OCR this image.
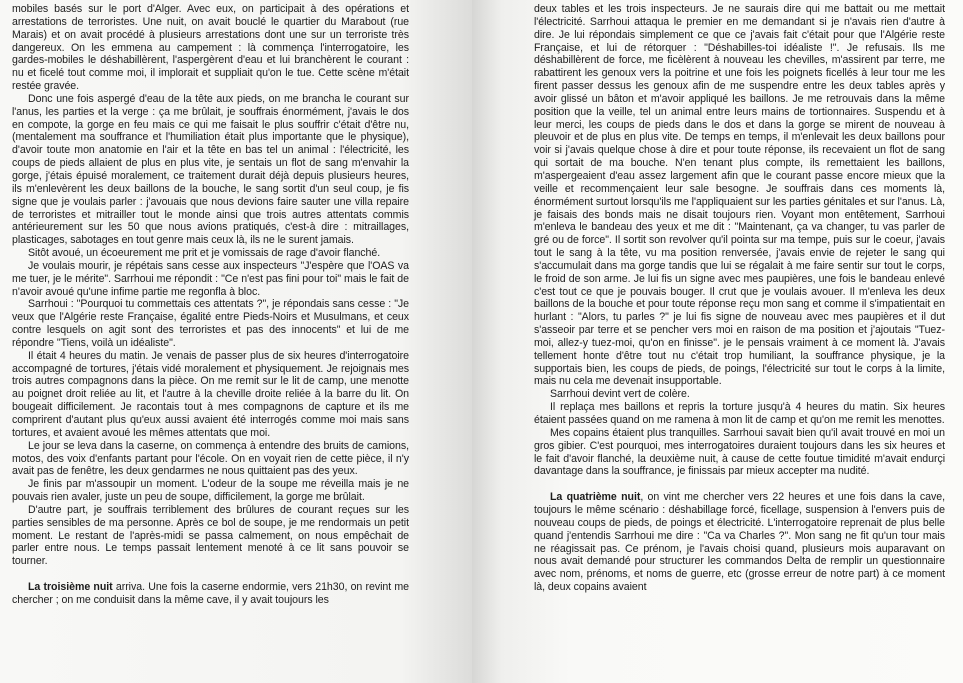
mobiles basés sur le port d'Alger. Avec eux, on participait à des opérations et arrestations de terroristes. Une nuit, on avait bouclé le quartier du Marabout (rue Marais) et on avait procédé à plusieurs arrestations dont une sur un terroriste très dangereux. On les emmena au campement : là commença l'interrogatoire, les gardes-mobiles le déshabillèrent, l'aspergèrent d'eau et lui branchèrent le courant : nu et ficelé tout comme moi, il implorait et suppliait qu'on le tue. Cette scène m'était restée gravée.

Donc une fois aspergé d'eau de la tête aux pieds, on me brancha le courant sur l'anus, les parties et la verge : ça me brûlait, je souffrais énormément, j'avais le dos en compote, la gorge en feu mais ce qui me faisait le plus souffrir c'était d'être nu, (mentalement ma souffrance et l'humiliation était plus importante que le physique), d'avoir toute mon anatomie en l'air et la tête en bas tel un animal : l'électricité, les coups de pieds allaient de plus en plus vite, je sentais un flot de sang m'envahir la gorge, j'étais épuisé moralement, ce traitement durait déjà depuis plusieurs heures, ils m'enlevèrent les deux baillons de la bouche, le sang sortit d'un seul coup, je fis signe que je voulais parler : j'avouais que nous devions faire sauter une villa repaire de terroristes et mitrailler tout le monde ainsi que trois autres attentats commis antérieurement sur les 50 que nous avions pratiqués, c'est-à dire : mitraillages, plasticages, sabotages en tout genre mais ceux là, ils ne le surent jamais.

Sitôt avoué, un écoeurement me prit et je vomissais de rage d'avoir flanché.

Je voulais mourir, je répétais sans cesse aux inspecteurs "J'espère que l'OAS va me tuer, je le mérite". Sarrhoui me répondit : "Ce n'est pas fini pour toi" mais le fait de n'avoir avoué qu'une infime partie me regonfla à bloc.

Sarrhoui : "Pourquoi tu commettais ces attentats ?", je répondais sans cesse : "Je veux que l'Algérie reste Française, égalité entre Pieds-Noirs et Musulmans, et ceux contre lesquels on agit sont des terroristes et pas des innocents" et lui de me répondre "Tiens, voilà un idéaliste".

Il était 4 heures du matin. Je venais de passer plus de six heures d'interrogatoire accompagné de tortures, j'étais vidé moralement et physiquement. Je rejoignais mes trois autres compagnons dans la pièce. On me remit sur le lit de camp, une menotte au poignet droit reliée au lit, et l'autre à la cheville droite reliée à la barre du lit. On bougeait difficilement. Je racontais tout à mes compagnons de capture et ils me comprirent d'autant plus qu'eux aussi avaient été interrogés comme moi mais sans tortures, et avaient avoué les mêmes attentats que moi.

Le jour se leva dans la caserne, on commença à entendre des bruits de camions, motos, des voix d'enfants partant pour l'école. On en voyait rien de cette pièce, il n'y avait pas de fenêtre, les deux gendarmes ne nous quittaient pas des yeux.

Je finis par m'assoupir un moment. L'odeur de la soupe me réveilla mais je ne pouvais rien avaler, juste un peu de soupe, difficilement, la gorge me brûlait.

D'autre part, je souffrais terriblement des brûlures de courant reçues sur les parties sensibles de ma personne. Après ce bol de soupe, je me rendormais un petit moment. Le restant de l'après-midi se passa calmement, on nous empêchait de parler entre nous. Le temps passait lentement menoté à ce lit sans pouvoir se tourner.

La troisième nuit arriva. Une fois la caserne endormie, vers 21h30, on revint me chercher ; on me conduisit dans la même cave, il y avait toujours les

deux tables et les trois inspecteurs. Je ne saurais dire qui me battait ou me mettait l'électricité. Sarrhoui attaqua le premier en me demandant si je n'avais rien d'autre à dire. Je lui répondais simplement ce que ce j'avais fait c'était pour que l'Algérie reste Française, et lui de rétorquer : "Déshabilles-toi idéaliste !". Je refusais. Ils me déshabillèrent de force, me ficèlèrent à nouveau les chevilles, m'assirent par terre, me rabattirent les genoux vers la poitrine et une fois les poignets ficellés à leur tour me les firent passer dessus les genoux afin de me suspendre entre les deux tables après y avoir glissé un bâton et m'avoir appliqué les baillons. Je me retrouvais dans la même position que la veille, tel un animal entre leurs mains de tortionnaires. Suspendu et à leur merci, les coups de pieds dans le dos et dans la gorge se mirent de nouveau à pleuvoir et de plus en plus vite. De temps en temps, il m'enlevait les deux baillons pour voir si j'avais quelque chose à dire et pour toute réponse, ils recevaient un flot de sang qui sortait de ma bouche. N'en tenant plus compte, ils remettaient les baillons, m'aspergeaient d'eau assez largement afin que le courant passe encore mieux que la veille et recommençaient leur sale besogne. Je souffrais dans ces moments là, énormément surtout lorsqu'ils me l'appliquaient sur les parties génitales et sur l'anus. Là, je faisais des bonds mais ne disait toujours rien. Voyant mon entêtement, Sarrhoui m'enleva le bandeau des yeux et me dit : "Maintenant, ça va changer, tu vas parler de gré ou de force". Il sortit son revolver qu'il pointa sur ma tempe, puis sur le coeur, j'avais tout le sang à la tête, vu ma position renversée, j'avais envie de rejeter le sang qui s'accumulait dans ma gorge tandis que lui se régalait à me faire sentir sur tout le corps, le froid de son arme. Je lui fis un signe avec mes paupières, une fois le bandeau enlevé c'est tout ce que je pouvais bouger. Il crut que je voulais avouer. Il m'enleva les deux baillons de la bouche et pour toute réponse reçu mon sang et comme il s'impatientait en hurlant : "Alors, tu parles ?" je lui fis signe de nouveau avec mes paupières et il dut s'asseoir par terre et se pencher vers moi en raison de ma position et j'ajoutais "Tuez-moi, allez-y tuez-moi, qu'on en finisse". je le pensais vraiment à ce moment là. J'avais tellement honte d'être tout nu c'était trop humiliant, la souffrance physique, je la supportais bien, les coups de pieds, de poings, l'électricité sur tout le corps à la limite, mais nu cela me devenait insupportable.

Sarrhoui devint vert de colère.

Il replaça mes baillons et repris la torture jusqu'à 4 heures du matin. Six heures étaient passées quand on me ramena à mon lit de camp et qu'on me remit les menottes.

Mes copains étaient plus tranquilles. Sarrhoui savait bien qu'il avait trouvé en moi un gros gibier. C'est pourquoi, mes interrogatoires duraient toujours dans les six heures et le fait d'avoir flanché, la deuxième nuit, à cause de cette foutue timidité m'avait endurçi davantage dans la souffrance, je finissais par mieux accepter ma nudité.

La quatrième nuit, on vint me chercher vers 22 heures et une fois dans la cave, toujours le même scénario : déshabillage forcé, ficellage, suspension à l'envers puis de nouveau coups de pieds, de poings et électricité. L'interrogatoire reprenait de plus belle quand j'entendis Sarrhoui me dire : "Ca va Charles ?". Mon sang ne fit qu'un tour mais ne réagissait pas. Ce prénom, je l'avais choisi quand, plusieurs mois auparavant on nous avait demandé pour structurer les commandos Delta de remplir un questionnaire avec nom, prénoms, et noms de guerre, etc (grosse erreur de notre part) à ce moment là, deux copains avaient
